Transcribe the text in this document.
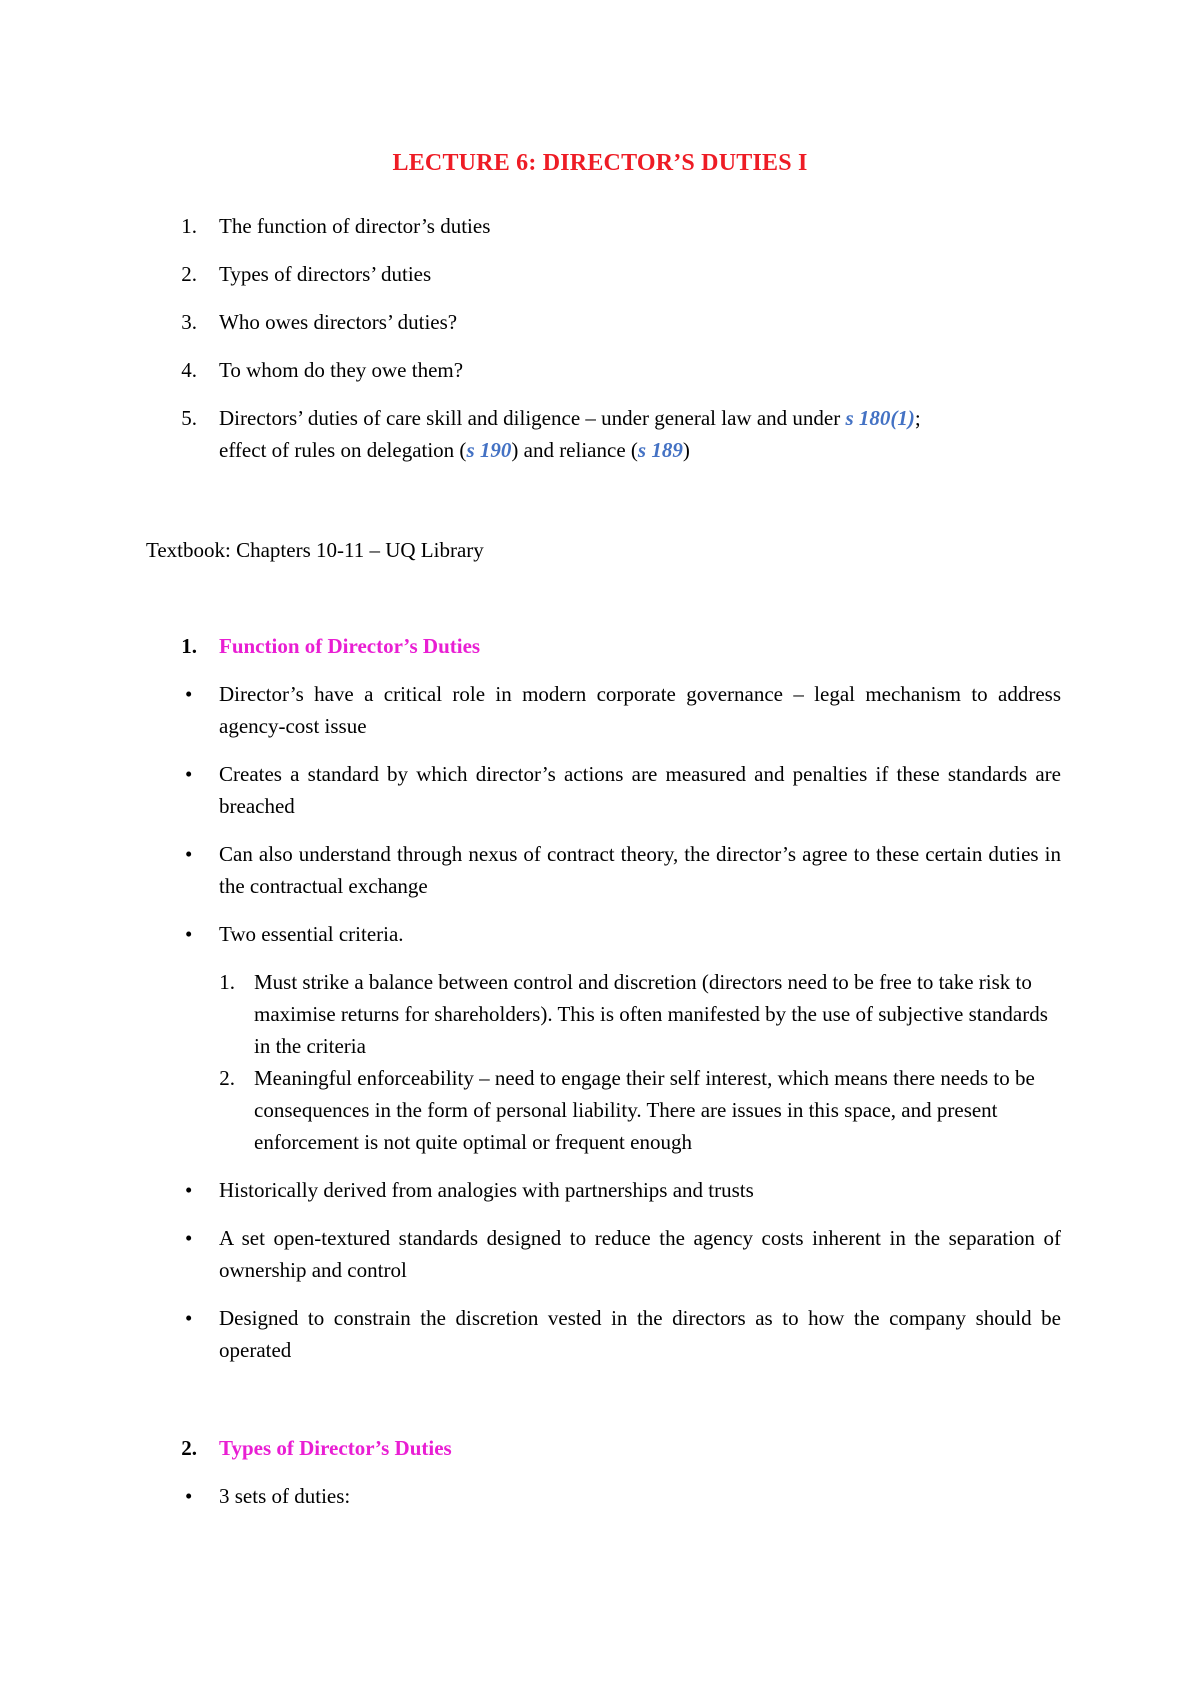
LECTURE 6: DIRECTOR’S DUTIES I
1. The function of director’s duties
2. Types of directors’ duties
3. Who owes directors’ duties?
4. To whom do they owe them?
5. Directors’ duties of care skill and diligence – under general law and under s 180(1);
effect of rules on delegation (s 190) and reliance (s 189)
Textbook: Chapters 10-11 – UQ Library
1. Function of Director’s Duties
• Director’s have a critical role in modern corporate governance – legal mechanism to address agency-cost issue
• Creates a standard by which director’s actions are measured and penalties if these standards are breached
• Can also understand through nexus of contract theory, the director’s agree to these certain duties in the contractual exchange
• Two essential criteria.
1. Must strike a balance between control and discretion (directors need to be free to take risk to maximise returns for shareholders). This is often manifested by the use of subjective standards in the criteria
2. Meaningful enforceability – need to engage their self interest, which means there needs to be consequences in the form of personal liability. There are issues in this space, and present enforcement is not quite optimal or frequent enough
• Historically derived from analogies with partnerships and trusts
• A set open-textured standards designed to reduce the agency costs inherent in the separation of ownership and control
• Designed to constrain the discretion vested in the directors as to how the company should be operated
2. Types of Director’s Duties
• 3 sets of duties:
